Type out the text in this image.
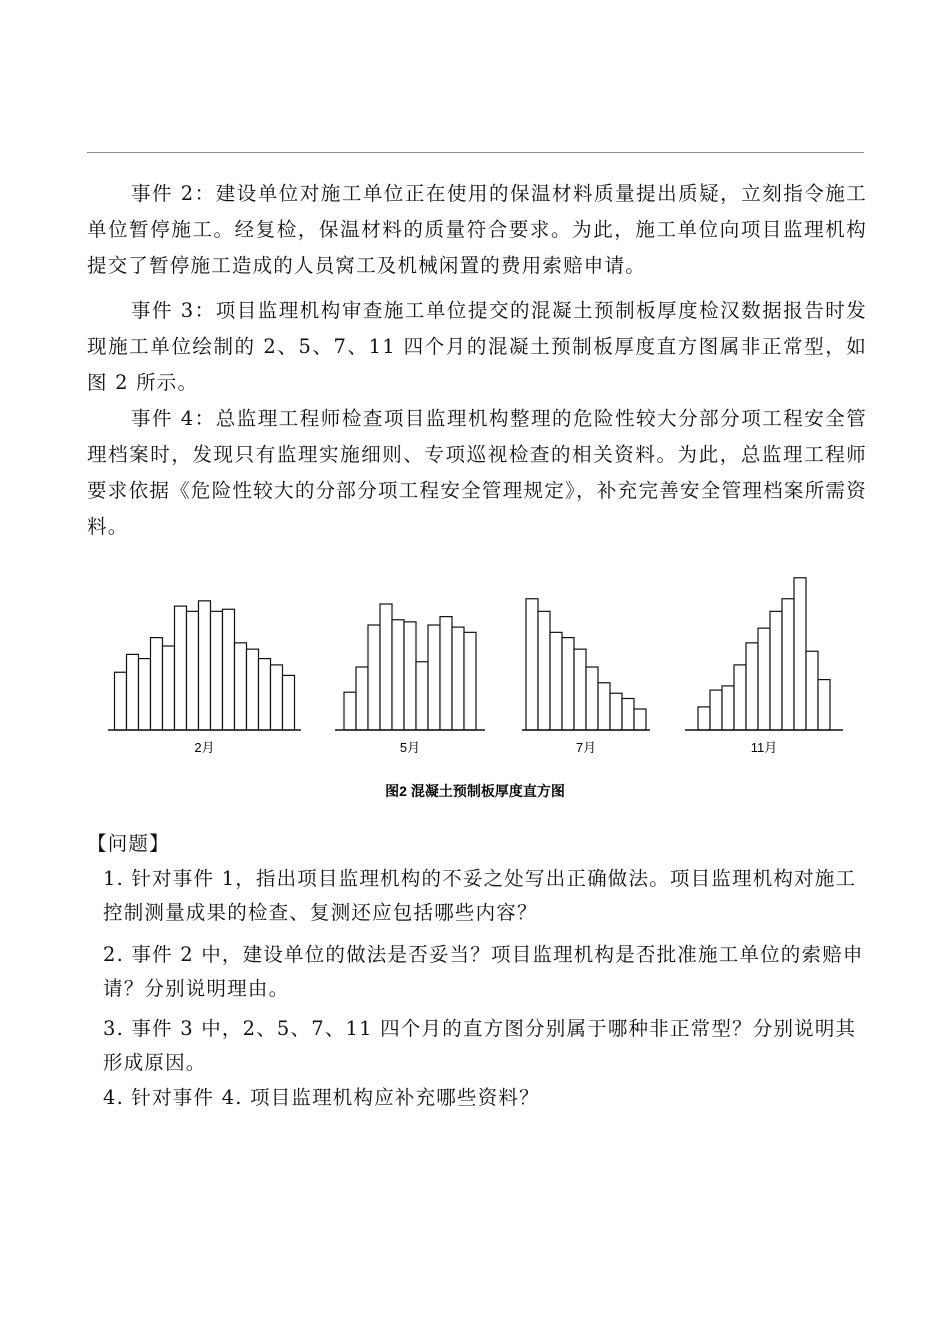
事件 2：建设单位对施工单位正在使用的保温材料质量提出质疑，立刻指令施工单位暂停施工。经复检，保温材料的质量符合要求。为此，施工单位向项目监理机构提交了暂停施工造成的人员窝工及机械闲置的费用索赔申请。

事件 3：项目监理机构审查施工单位提交的混凝土预制板厚度检汉数据报告时发现施工单位绘制的 2、5、7、11 四个月的混凝土预制板厚度直方图属非正常型，如图 2 所示。

事件 4：总监理工程师检查项目监理机构整理的危险性较大分部分项工程安全管理档案时，发现只有监理实施细则、专项巡视检查的相关资料。为此，总监理工程师要求依据《危险性较大的分部分项工程安全管理规定》，补充完善安全管理档案所需资料。

2月	5月	7月	11月
图2 混凝土预制板厚度直方图

【问题】

1. 针对事件 1，指出项目监理机构的不妥之处写出正确做法。项目监理机构对施工控制测量成果的检查、复测还应包括哪些内容？

2. 事件 2 中，建设单位的做法是否妥当？项目监理机构是否批准施工单位的索赔申请？分别说明理由。

3. 事件 3 中，2、5、7、11 四个月的直方图分别属于哪种非正常型？分别说明其形成原因。

4. 针对事件 4. 项目监理机构应补充哪些资料？
